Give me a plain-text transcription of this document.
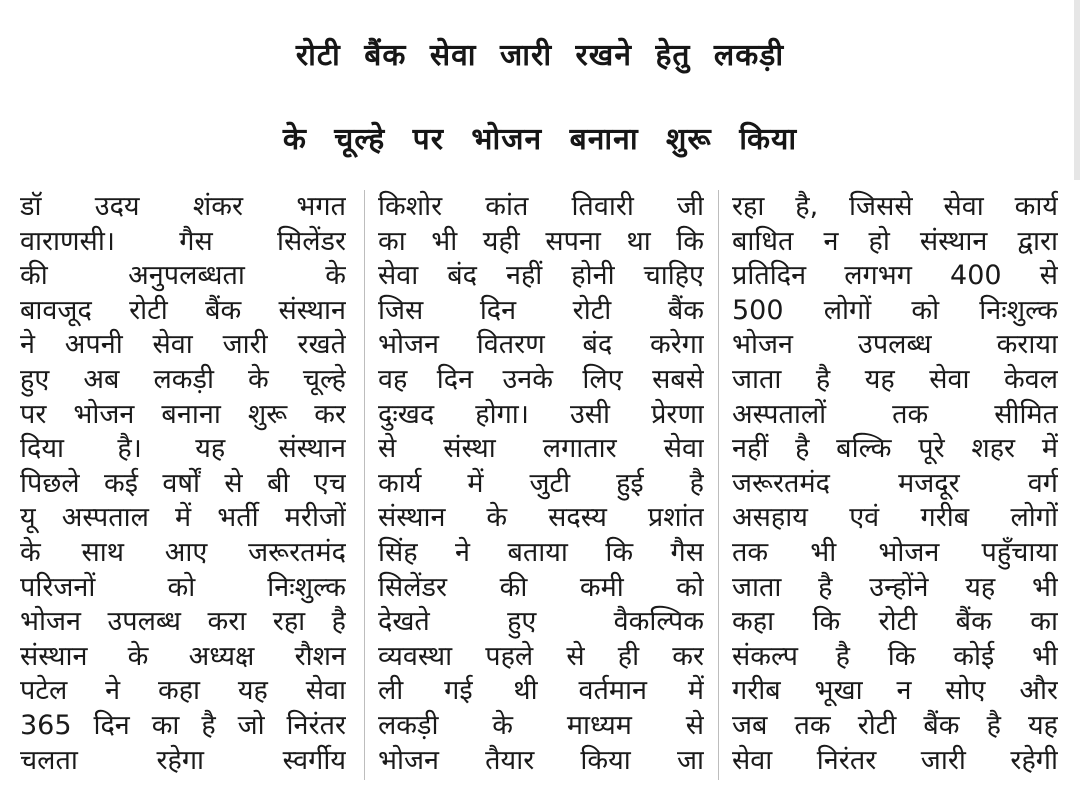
रोटी बैंक सेवा जारी रखने हेतु लकड़ी
के चूल्हे पर भोजन बनाना शुरू किया
डॉ उदय शंकर भगत
वाराणसी। गैस सिलेंडर
की अनुपलब्धता के
बावजूद रोटी बैंक संस्थान
ने अपनी सेवा जारी रखते
हुए अब लकड़ी के चूल्हे
पर भोजन बनाना शुरू कर
दिया है। यह संस्थान
पिछले कई वर्षों से बी एच
यू अस्पताल में भर्ती मरीजों
के साथ आए जरूरतमंद
परिजनों को निःशुल्क
भोजन उपलब्ध करा रहा है
संस्थान के अध्यक्ष रौशन
पटेल ने कहा यह सेवा
365 दिन का है जो निरंतर
चलता रहेगा स्वर्गीय
किशोर कांत तिवारी जी
का भी यही सपना था कि
सेवा बंद नहीं होनी चाहिए
जिस दिन रोटी बैंक
भोजन वितरण बंद करेगा
वह दिन उनके लिए सबसे
दुःखद होगा। उसी प्रेरणा
से संस्था लगातार सेवा
कार्य में जुटी हुई है
संस्थान के सदस्य प्रशांत
सिंह ने बताया कि गैस
सिलेंडर की कमी को
देखते हुए वैकल्पिक
व्यवस्था पहले से ही कर
ली गई थी वर्तमान में
लकड़ी के माध्यम से
भोजन तैयार किया जा
रहा है, जिससे सेवा कार्य
बाधित न हो संस्थान द्वारा
प्रतिदिन लगभग 400 से
500 लोगों को निःशुल्क
भोजन उपलब्ध कराया
जाता है यह सेवा केवल
अस्पतालों तक सीमित
नहीं है बल्कि पूरे शहर में
जरूरतमंद मजदूर वर्ग
असहाय एवं गरीब लोगों
तक भी भोजन पहुँचाया
जाता है उन्होंने यह भी
कहा कि रोटी बैंक का
संकल्प है कि कोई भी
गरीब भूखा न सोए और
जब तक रोटी बैंक है यह
सेवा निरंतर जारी रहेगी
